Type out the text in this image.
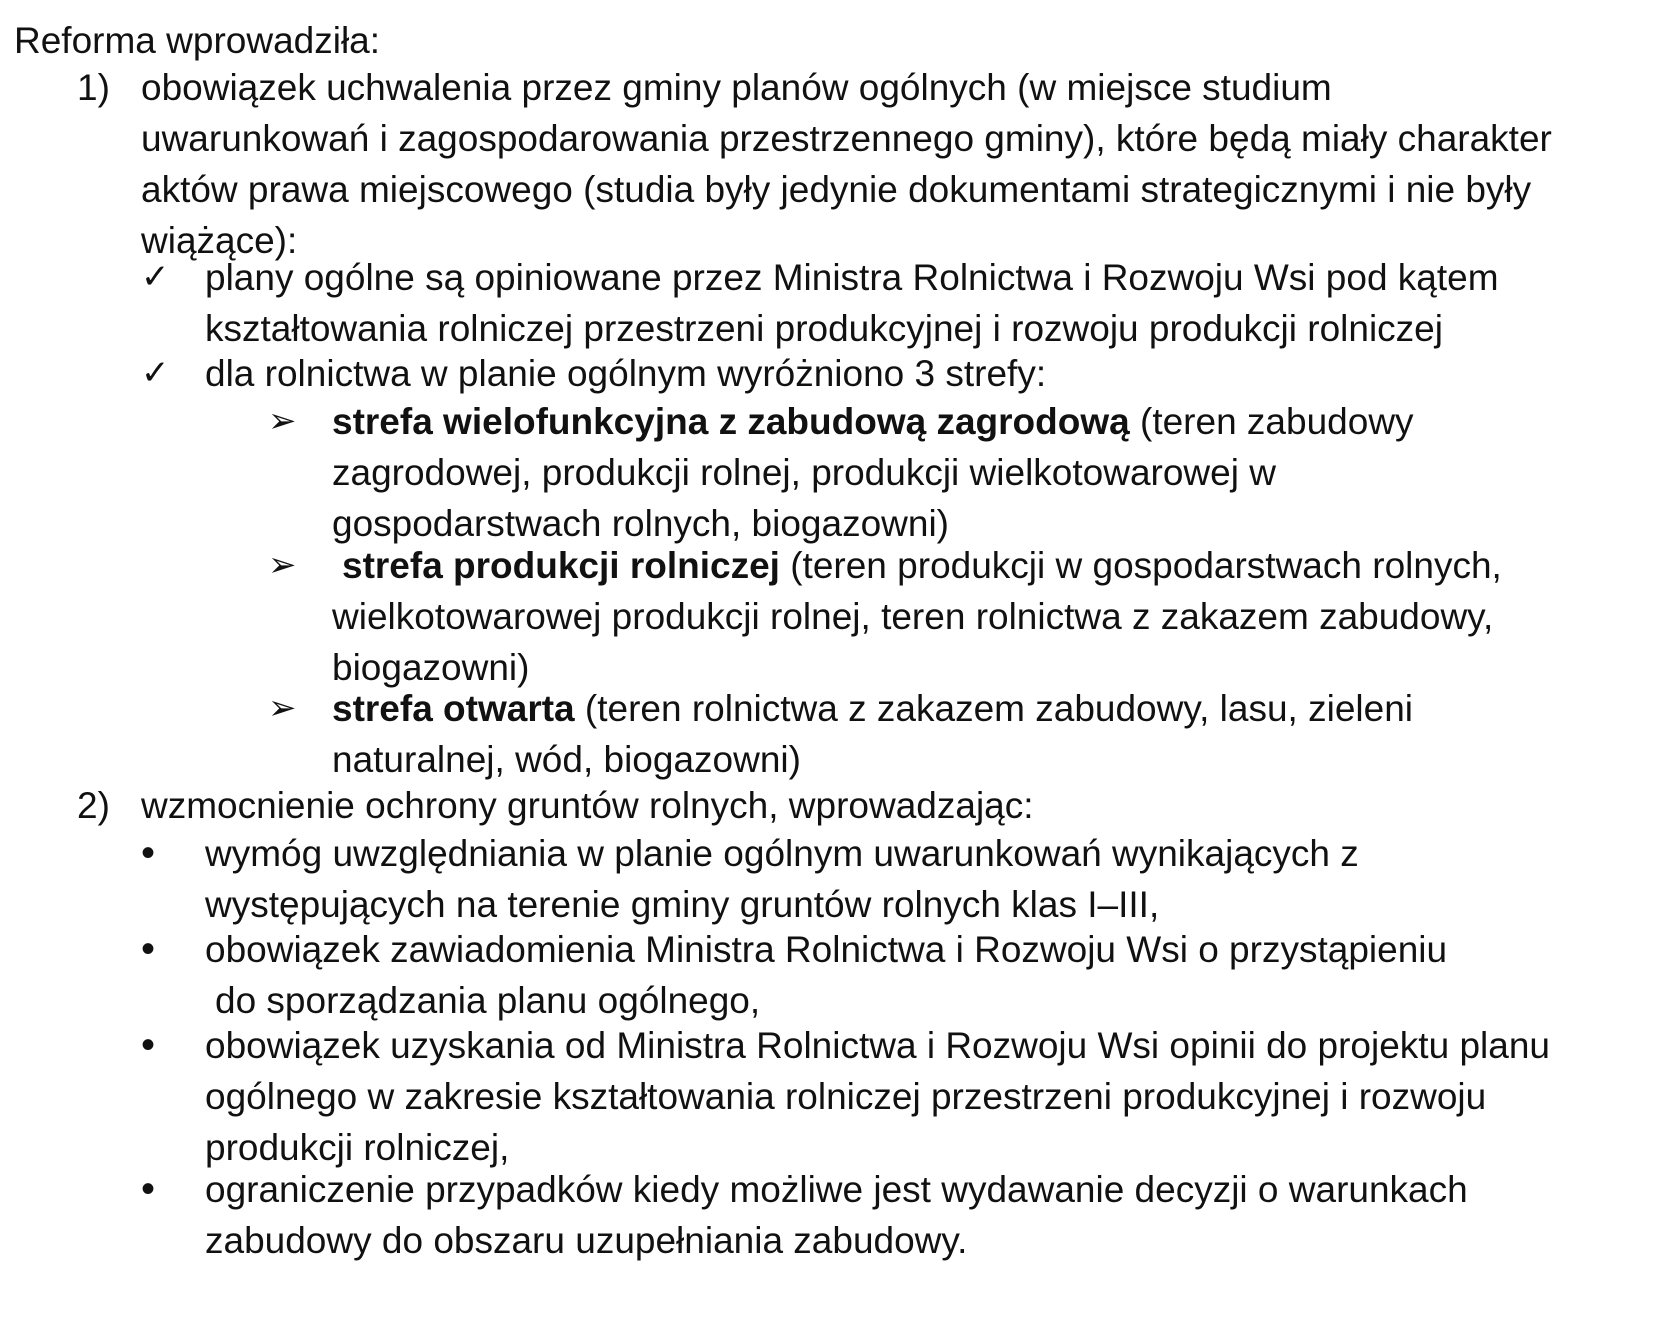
Reforma wprowadziła:

1) obowiązek uchwalenia przez gminy planów ogólnych (w miejsce studium
uwarunkowań i zagospodarowania przestrzennego gminy), które będą miały charakter
aktów prawa miejscowego (studia były jedynie dokumentami strategicznymi i nie były
wiążące):
✓ plany ogólne są opiniowane przez Ministra Rolnictwa i Rozwoju Wsi pod kątem
kształtowania rolniczej przestrzeni produkcyjnej i rozwoju produkcji rolniczej
✓ dla rolnictwa w planie ogólnym wyróżniono 3 strefy:
➢ strefa wielofunkcyjna z zabudową zagrodową (teren zabudowy
zagrodowej, produkcji rolnej, produkcji wielkotowarowej w
gospodarstwach rolnych, biogazowni)
➢ strefa produkcji rolniczej (teren produkcji w gospodarstwach rolnych,
wielkotowarowej produkcji rolnej, teren rolnictwa z zakazem zabudowy,
biogazowni)
➢ strefa otwarta (teren rolnictwa z zakazem zabudowy, lasu, zieleni
naturalnej, wód, biogazowni)
2) wzmocnienie ochrony gruntów rolnych, wprowadzając:
• wymóg uwzględniania w planie ogólnym uwarunkowań wynikających z
występujących na terenie gminy gruntów rolnych klas I–III,
• obowiązek zawiadomienia Ministra Rolnictwa i Rozwoju Wsi o przystąpieniu
do sporządzania planu ogólnego,
• obowiązek uzyskania od Ministra Rolnictwa i Rozwoju Wsi opinii do projektu planu
ogólnego w zakresie kształtowania rolniczej przestrzeni produkcyjnej i rozwoju
produkcji rolniczej,
• ograniczenie przypadków kiedy możliwe jest wydawanie decyzji o warunkach
zabudowy do obszaru uzupełniania zabudowy.
